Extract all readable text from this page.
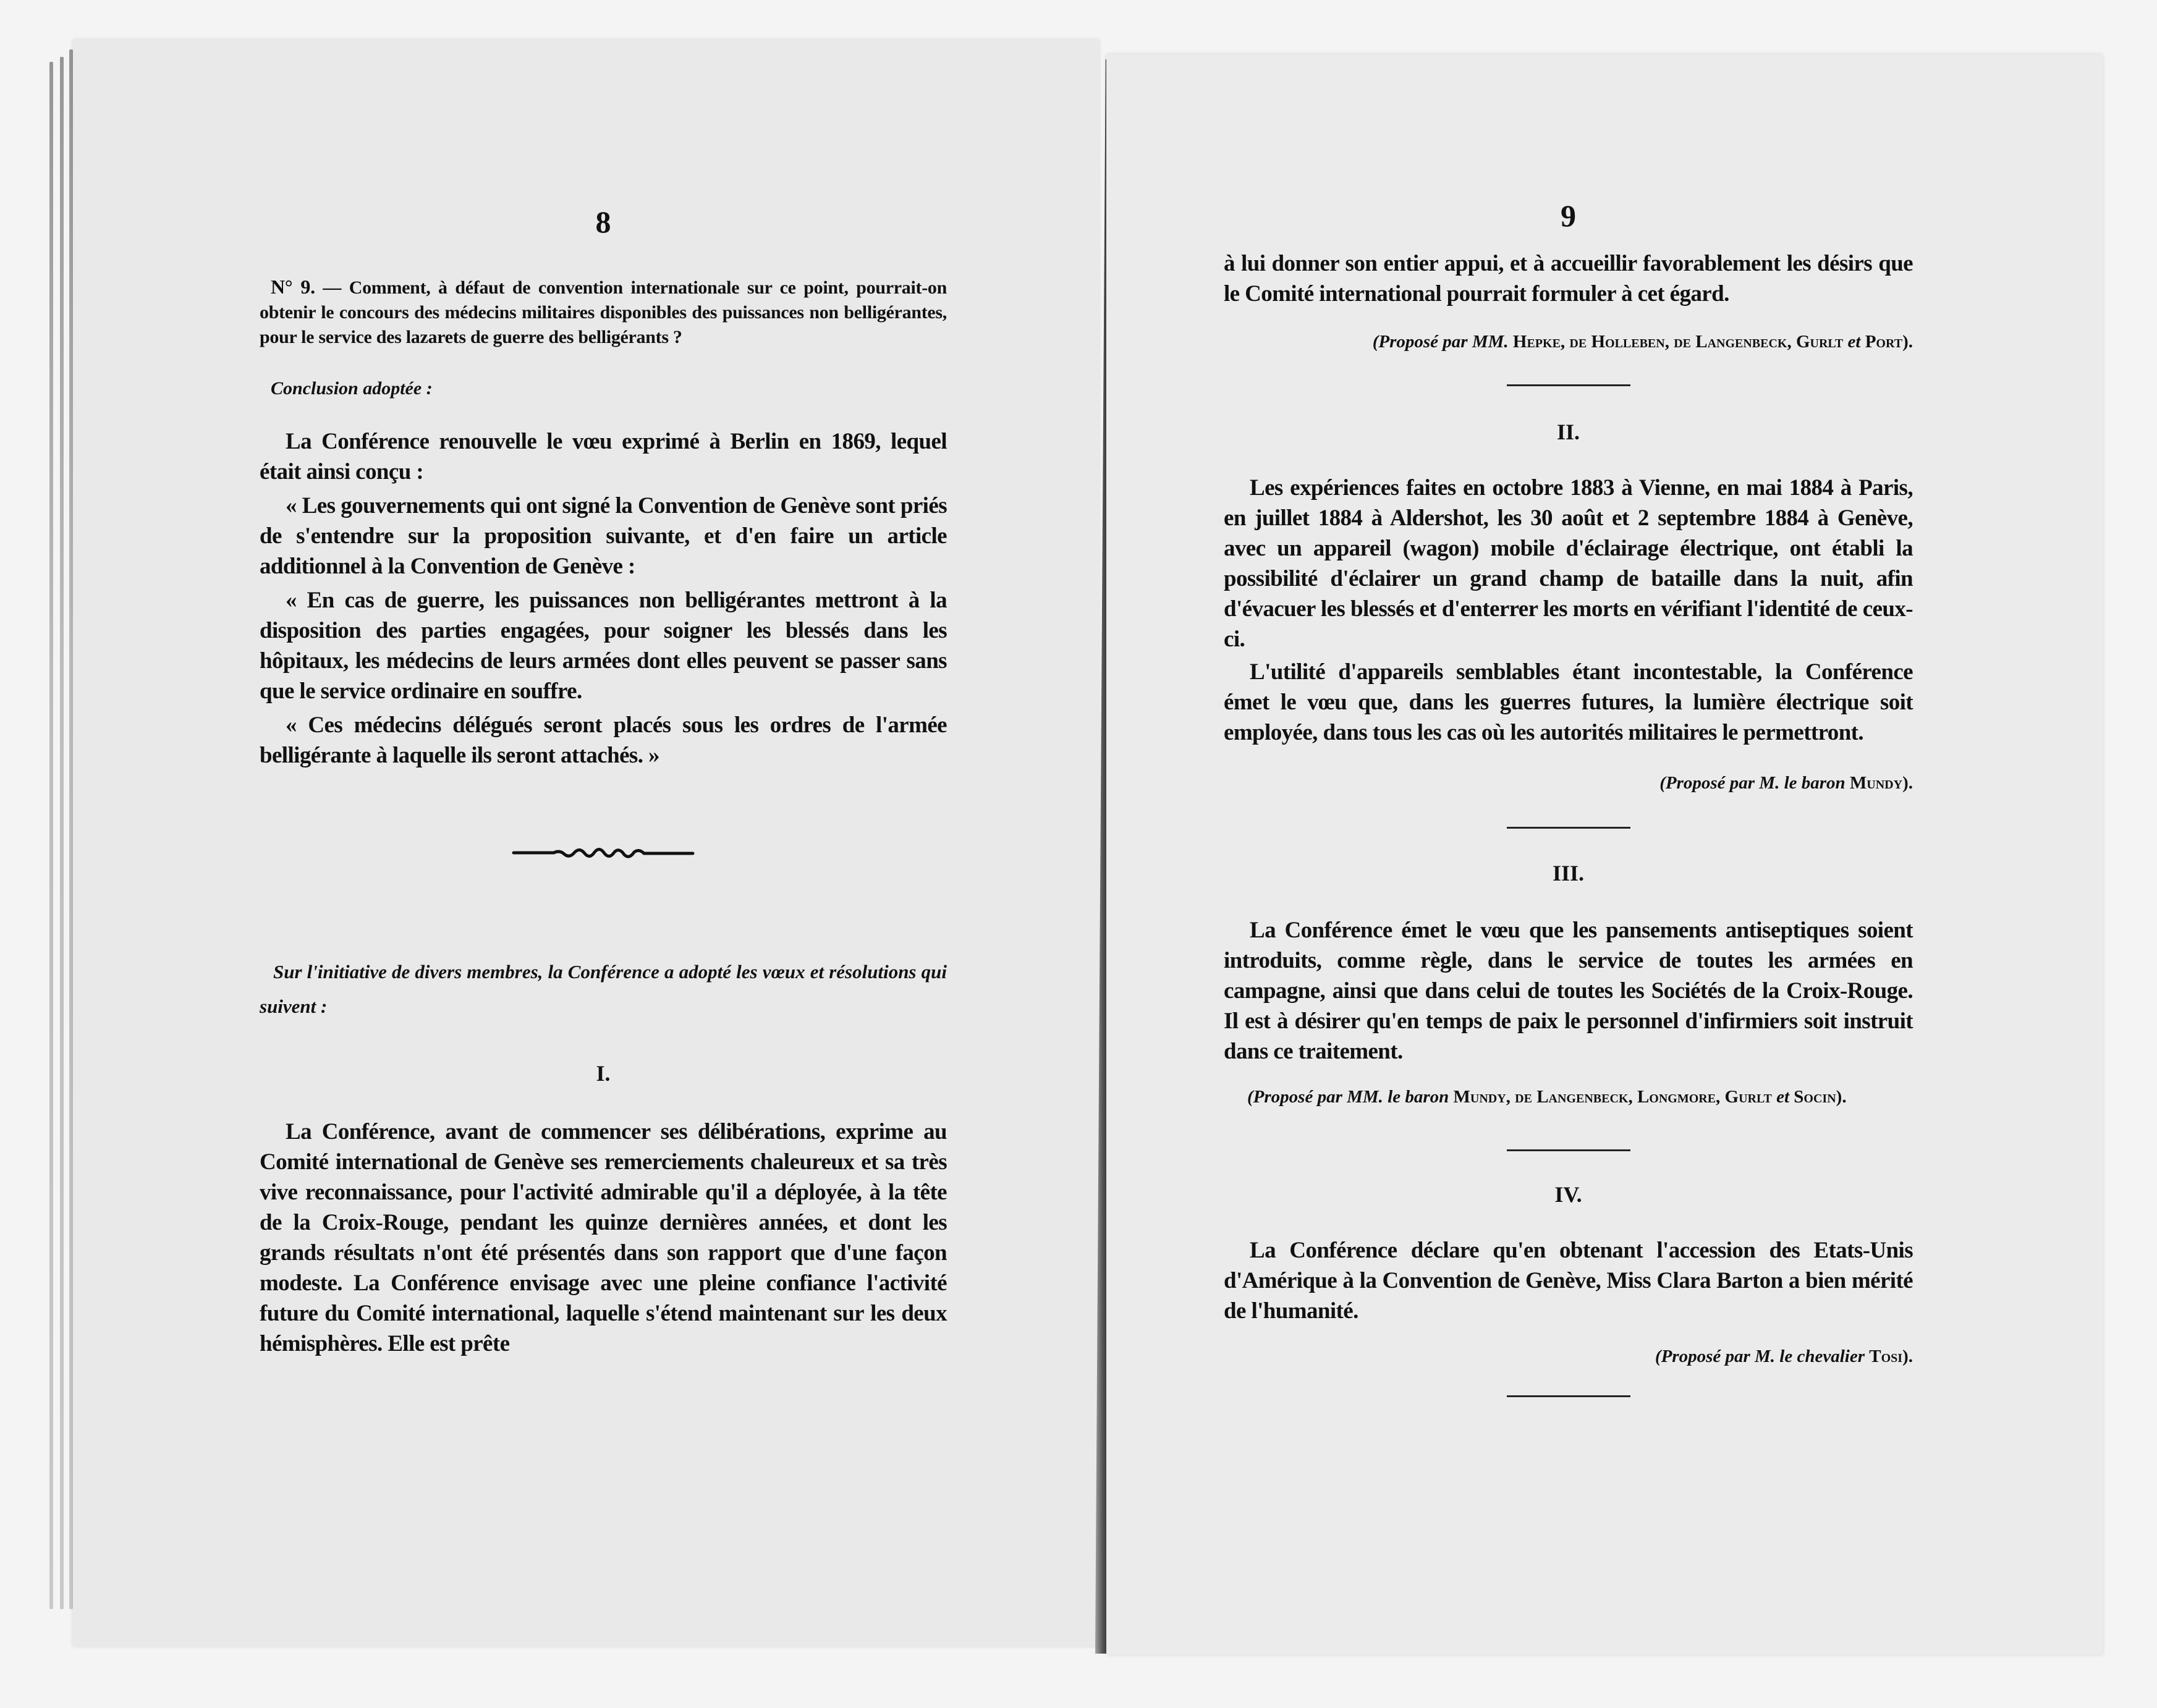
8

N° 9. — Comment, à défaut de convention internationale sur ce point, pourrait-on obtenir le concours des médecins militaires disponibles des puissances non belligérantes, pour le service des lazarets de guerre des belligérants ?

Conclusion adoptée :

La Conférence renouvelle le vœu exprimé à Berlin en 1869, lequel était ainsi conçu :

« Les gouvernements qui ont signé la Convention de Genève sont priés de s'entendre sur la proposition suivante, et d'en faire un article additionnel à la Convention de Genève :

« En cas de guerre, les puissances non belligérantes mettront à la disposition des parties engagées, pour soigner les blessés dans les hôpitaux, les médecins de leurs armées dont elles peuvent se passer sans que le service ordinaire en souffre.

« Ces médecins délégués seront placés sous les ordres de l'armée belligérante à laquelle ils seront attachés. »

Sur l'initiative de divers membres, la Conférence a adopté les vœux et résolutions qui suivent :

I.

La Conférence, avant de commencer ses délibérations, exprime au Comité international de Genève ses remerciements chaleureux et sa très vive reconnaissance, pour l'activité admirable qu'il a déployée, à la tête de la Croix-Rouge, pendant les quinze dernières années, et dont les grands résultats n'ont été présentés dans son rapport que d'une façon modeste. La Conférence envisage avec une pleine confiance l'activité future du Comité international, laquelle s'étend maintenant sur les deux hémisphères. Elle est prête

9

à lui donner son entier appui, et à accueillir favorablement les désirs que le Comité international pourrait formuler à cet égard.

(Proposé par MM. Hepke, de Holleben, de Langenbeck, Gurlt et Port).

II.

Les expériences faites en octobre 1883 à Vienne, en mai 1884 à Paris, en juillet 1884 à Aldershot, les 30 août et 2 septembre 1884 à Genève, avec un appareil (wagon) mobile d'éclairage électrique, ont établi la possibilité d'éclairer un grand champ de bataille dans la nuit, afin d'évacuer les blessés et d'enterrer les morts en vérifiant l'identité de ceux-ci.

L'utilité d'appareils semblables étant incontestable, la Conférence émet le vœu que, dans les guerres futures, la lumière électrique soit employée, dans tous les cas où les autorités militaires le permettront.

(Proposé par M. le baron Mundy).

III.

La Conférence émet le vœu que les pansements antiseptiques soient introduits, comme règle, dans le service de toutes les armées en campagne, ainsi que dans celui de toutes les Sociétés de la Croix-Rouge. Il est à désirer qu'en temps de paix le personnel d'infirmiers soit instruit dans ce traitement.

(Proposé par MM. le baron Mundy, de Langenbeck, Longmore, Gurlt et Socin).

IV.

La Conférence déclare qu'en obtenant l'accession des Etats-Unis d'Amérique à la Convention de Genève, Miss Clara Barton a bien mérité de l'humanité.

(Proposé par M. le chevalier Tosi).
